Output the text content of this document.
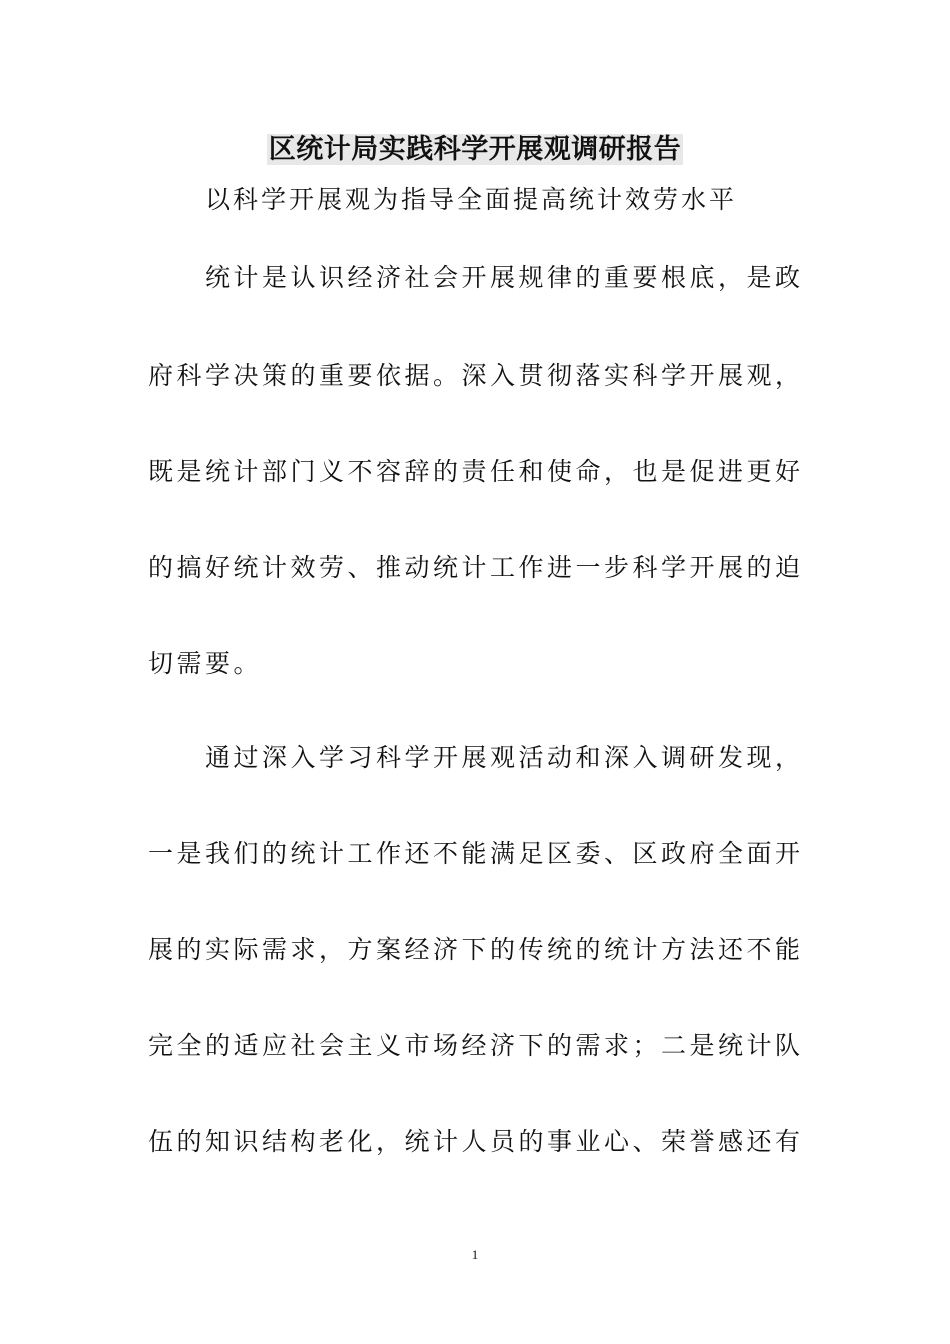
区统计局实践科学开展观调研报告
以科学开展观为指导全面提高统计效劳水平
统计是认识经济社会开展规律的重要根底，是政
府科学决策的重要依据。深入贯彻落实科学开展观，
既是统计部门义不容辞的责任和使命，也是促进更好
的搞好统计效劳、推动统计工作进一步科学开展的迫
切需要。
通过深入学习科学开展观活动和深入调研发现，
一是我们的统计工作还不能满足区委、区政府全面开
展的实际需求，方案经济下的传统的统计方法还不能
完全的适应社会主义市场经济下的需求；二是统计队
伍的知识结构老化，统计人员的事业心、荣誉感还有
1
